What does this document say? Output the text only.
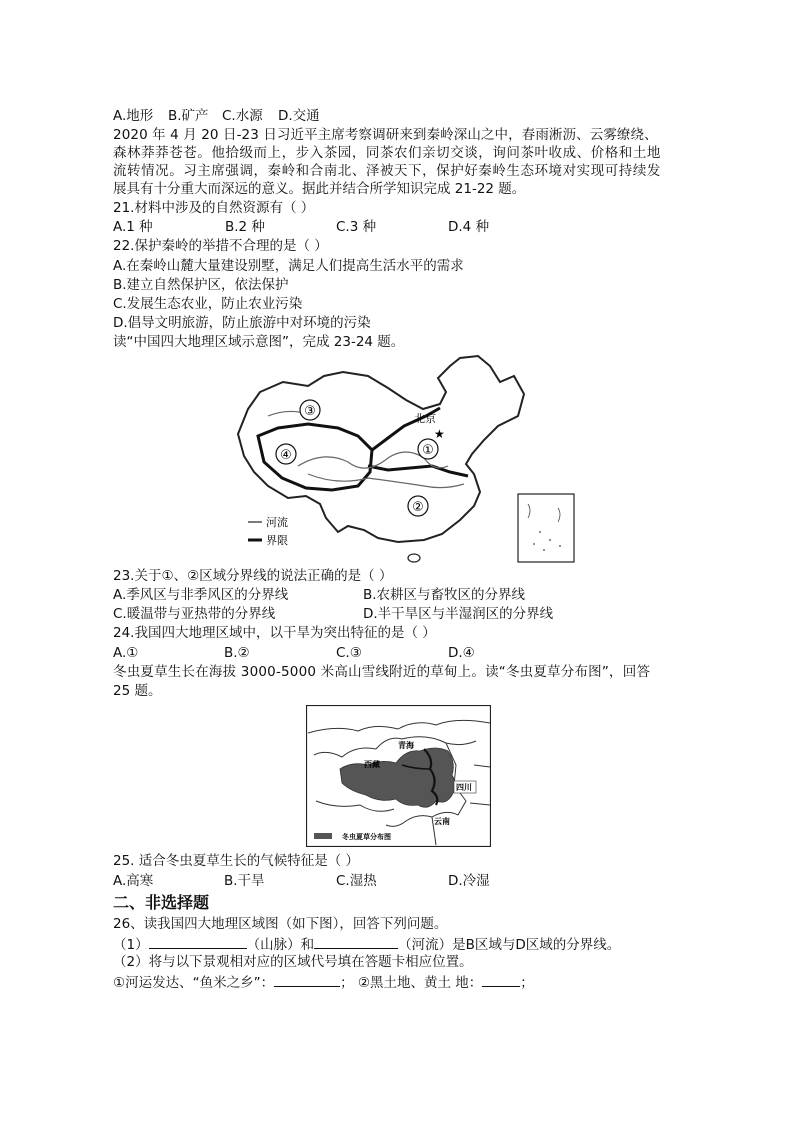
A.地形 B.矿产 C.水源 D.交通
2020 年 4 月 20 日-23 日习近平主席考察调研来到秦岭深山之中，春雨淅沥、云雾缭绕、
森林莽莽苍苍。他拾级而上，步入茶园，同茶农们亲切交谈，询问茶叶收成、价格和土地
流转情况。习主席强调，秦岭和合南北、泽被天下，保护好秦岭生态环境对实现可持续发
展具有十分重大而深远的意义。据此并结合所学知识完成 21-22 题。
21.材料中涉及的自然资源有（ ）
A.1 种	B.2 种	C.3 种	D.4 种
22.保护秦岭的举措不合理的是（ ）
A.在秦岭山麓大量建设别墅，满足人们提高生活水平的需求
B.建立自然保护区，依法保护
C.发展生态农业，防止农业污染
D.倡导文明旅游，防止旅游中对环境的污染
读“中国四大地理区域示意图”，完成 23-24 题。
③
④	①
②
北京
★
河流
界限
23.关于①、②区域分界线的说法正确的是（ ）
A.季风区与非季风区的分界线	B.农耕区与畜牧区的分界线
C.暖温带与亚热带的分界线	D.半干旱区与半湿润区的分界线
24.我国四大地理区域中，以干旱为突出特征的是（ ）
A.①	B.②	C.③	D.④
冬虫夏草生长在海拔 3000-5000 米高山雪线附近的草甸上。读“冬虫夏草分布图”，回答
25 题。
青海
西藏
四川
云南
冬虫夏草分布图
25. 适合冬虫夏草生长的气候特征是（ ）
A.高寒	B.干旱	C.湿热	D.冷湿
二、非选择题
26、读我国四大地理区域图（如下图），回答下列问题。
（1）	（山脉）和	（河流）是B区域与D区域的分界线。
（2）将与以下景观相对应的区域代号填在答题卡相应位置。
①河运发达、“鱼米之乡”：	； ②黑土地、黄土 地：	；
